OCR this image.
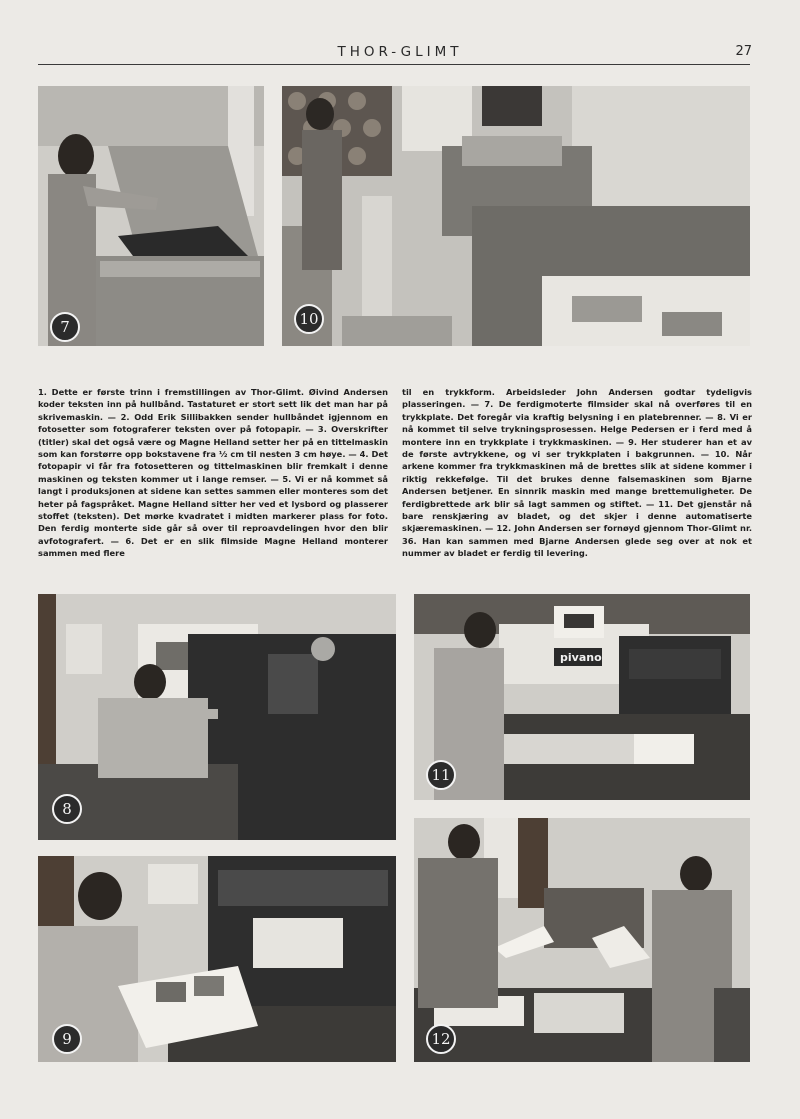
THOR-GLIMT	27
7	10
1. Dette er første trinn i fremstillingen av Thor-Glimt. Øivind Andersen koder teksten inn på hullbånd. Tastaturet er stort sett lik det man har på skrivemaskin. — 2. Odd Erik Sillibakken sender hullbåndet igjennom en fotosetter som fotograferer teksten over på fotopapir. — 3. Overskrifter (titler) skal det også være og Magne Helland setter her på en tittelmaskin som kan forstørre opp bokstavene fra ½ cm til nesten 3 cm høye. — 4. Det fotopapir vi får fra fotosetteren og tittelmaskinen blir fremkalt i denne maskinen og teksten kommer ut i lange remser. — 5. Vi er nå kommet så langt i produksjonen at sidene kan settes sammen eller monteres som det heter på fagspråket. Magne Helland sitter her ved et lysbord og plasserer stoffet (teksten). Det mørke kvadratet i midten markerer plass for foto. Den ferdig monterte side går så over til reproavdelingen hvor den blir avfotografert. — 6. Det er en slik filmside Magne Helland monterer sammen med flere
til en trykkform. Arbeidsleder John Andersen godtar tydeligvis plasseringen. — 7. De ferdigmoterte filmsider skal nå overføres til en trykkplate. Det foregår via kraftig belysning i en platebrenner. — 8. Vi er nå kommet til selve trykningsprosessen. Helge Pedersen er i ferd med å montere inn en trykkplate i trykkmaskinen. — 9. Her studerer han et av de første avtrykkene, og vi ser trykkplaten i bakgrunnen. — 10. Når arkene kommer fra trykkmaskinen må de brettes slik at sidene kommer i riktig rekkefølge. Til det brukes denne falsemaskinen som Bjarne Andersen betjener. En sinnrik maskin med mange brettemuligheter. De ferdigbrettede ark blir så lagt sammen og stiftet. — 11. Det gjenstår nå bare renskjæring av bladet, og det skjer i denne automatiserte skjæremaskinen. — 12. John Andersen ser fornøyd gjennom Thor-Glimt nr. 36. Han kan sammen med Bjarne Andersen glede seg over at nok et nummer av bladet er ferdig til levering.
8
pivano
11
9	12
